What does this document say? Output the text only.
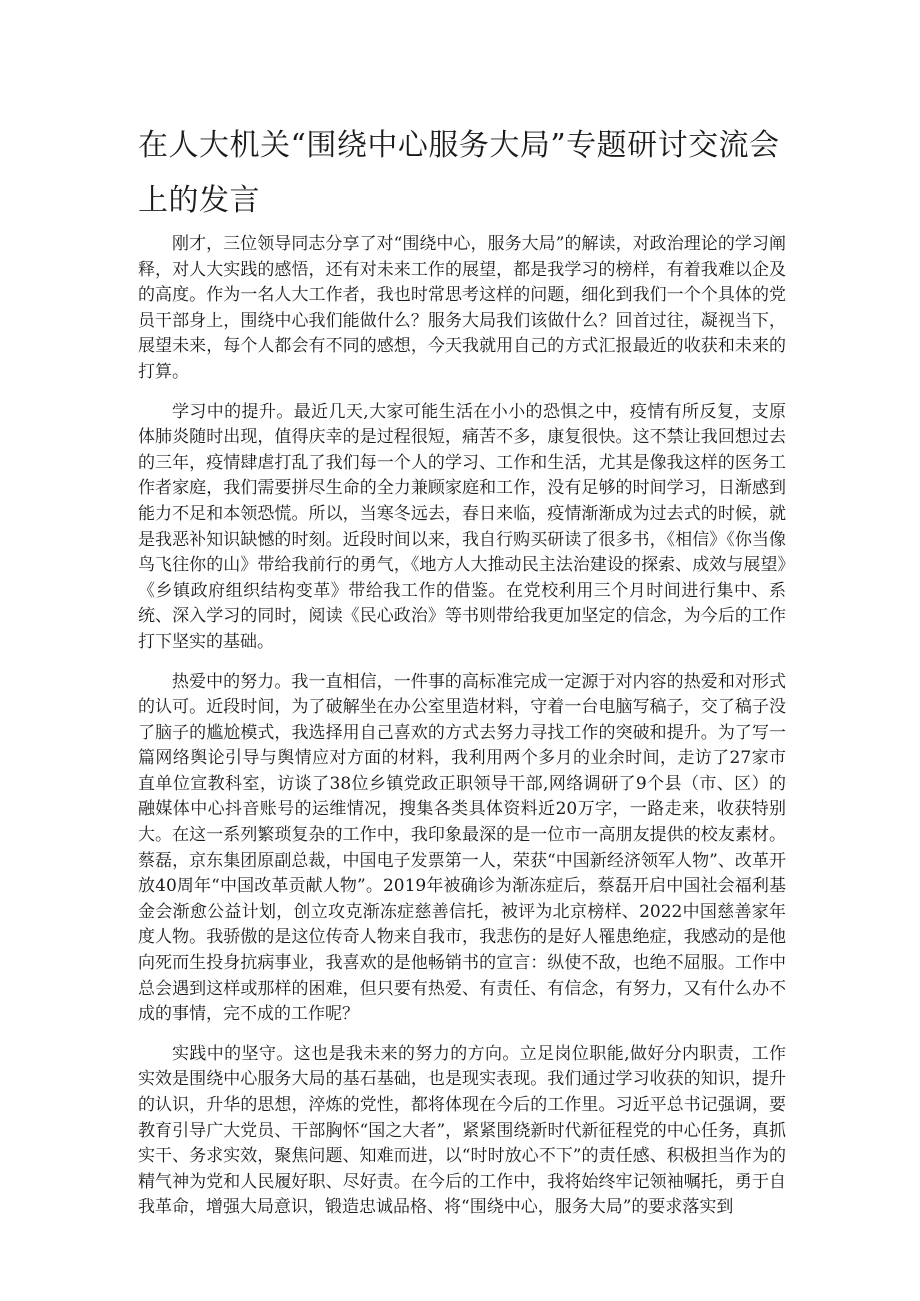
在人大机关“围绕中心服务大局”专题研讨交流会上的发言

刚才，三位领导同志分享了对“围绕中心，服务大局”的解读，对政治理论的学习阐释，对人大实践的感悟，还有对未来工作的展望，都是我学习的榜样，有着我难以企及的高度。作为一名人大工作者，我也时常思考这样的问题，细化到我们一个个具体的党员干部身上，围绕中心我们能做什么？服务大局我们该做什么？回首过往，凝视当下，展望未来，每个人都会有不同的感想，今天我就用自己的方式汇报最近的收获和未来的打算。

学习中的提升。最近几天,大家可能生活在小小的恐惧之中，疫情有所反复，支原体肺炎随时出现，值得庆幸的是过程很短，痛苦不多，康复很快。这不禁让我回想过去的三年，疫情肆虐打乱了我们每一个人的学习、工作和生活，尤其是像我这样的医务工作者家庭，我们需要拼尽生命的全力兼顾家庭和工作，没有足够的时间学习，日渐感到能力不足和本领恐慌。所以，当寒冬远去，春日来临，疫情渐渐成为过去式的时候，就是我恶补知识缺憾的时刻。近段时间以来，我自行购买研读了很多书，《相信》《你当像鸟飞往你的山》带给我前行的勇气，《地方人大推动民主法治建设的探索、成效与展望》《乡镇政府组织结构变革》带给我工作的借鉴。在党校利用三个月时间进行集中、系统、深入学习的同时，阅读《民心政治》等书则带给我更加坚定的信念，为今后的工作打下坚实的基础。

热爱中的努力。我一直相信，一件事的高标准完成一定源于对内容的热爱和对形式的认可。近段时间，为了破解坐在办公室里造材料，守着一台电脑写稿子，交了稿子没了脑子的尴尬模式，我选择用自己喜欢的方式去努力寻找工作的突破和提升。为了写一篇网络舆论引导与舆情应对方面的材料，我利用两个多月的业余时间，走访了27家市直单位宣教科室，访谈了38位乡镇党政正职领导干部,网络调研了9个县（市、区）的融媒体中心抖音账号的运维情况，搜集各类具体资料近20万字，一路走来，收获特别大。在这一系列繁琐复杂的工作中，我印象最深的是一位市一高朋友提供的校友素材。蔡磊，京东集团原副总裁，中国电子发票第一人，荣获“中国新经济领军人物”、改革开放40周年“中国改革贡献人物”。2019年被确诊为渐冻症后，蔡磊开启中国社会福利基金会渐愈公益计划，创立攻克渐冻症慈善信托，被评为北京榜样、2022中国慈善家年度人物。我骄傲的是这位传奇人物来自我市，我悲伤的是好人罹患绝症，我感动的是他向死而生投身抗病事业，我喜欢的是他畅销书的宣言：纵使不敌，也绝不屈服。工作中总会遇到这样或那样的困难，但只要有热爱、有责任、有信念，有努力，又有什么办不成的事情，完不成的工作呢？

实践中的坚守。这也是我未来的努力的方向。立足岗位职能,做好分内职责，工作实效是围绕中心服务大局的基石基础，也是现实表现。我们通过学习收获的知识，提升的认识，升华的思想，淬炼的党性，都将体现在今后的工作里。习近平总书记强调，要教育引导广大党员、干部胸怀“国之大者”，紧紧围绕新时代新征程党的中心任务，真抓实干、务求实效，聚焦问题、知难而进，以“时时放心不下”的责任感、积极担当作为的精气神为党和人民履好职、尽好责。在今后的工作中，我将始终牢记领袖嘱托，勇于自我革命，增强大局意识，锻造忠诚品格、将“围绕中心，服务大局”的要求落实到
